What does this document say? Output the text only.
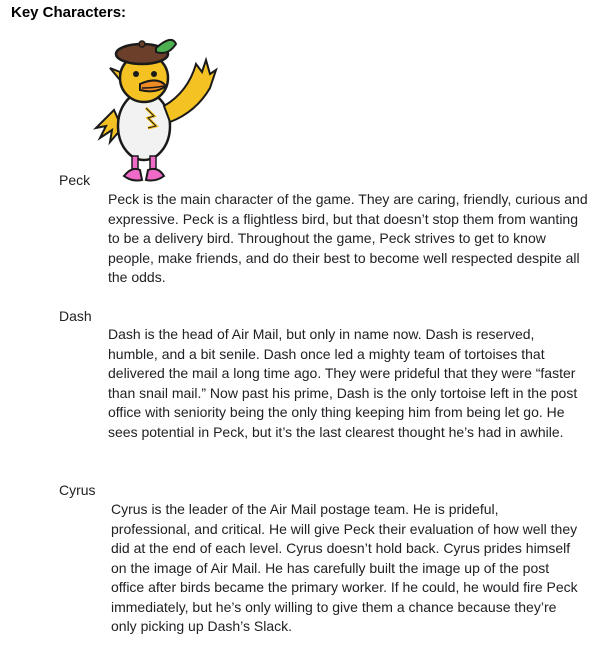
Key Characters:
Peck

Peck is the main character of the game. They are caring, friendly, curious and expressive. Peck is a flightless bird, but that doesn’t stop them from wanting to be a delivery bird. Throughout the game, Peck strives to get to know people, make friends, and do their best to become well respected despite all the odds.

Dash

Dash is the head of Air Mail, but only in name now. Dash is reserved, humble, and a bit senile. Dash once led a mighty team of tortoises that delivered the mail a long time ago. They were prideful that they were “faster than snail mail.” Now past his prime, Dash is the only tortoise left in the post office with seniority being the only thing keeping him from being let go. He sees potential in Peck, but it’s the last clearest thought he’s had in awhile.

Cyrus

Cyrus is the leader of the Air Mail postage team. He is prideful, professional, and critical. He will give Peck their evaluation of how well they did at the end of each level. Cyrus doesn’t hold back. Cyrus prides himself on the image of Air Mail. He has carefully built the image up of the post office after birds became the primary worker. If he could, he would fire Peck immediately, but he’s only willing to give them a chance because they’re only picking up Dash’s Slack.
